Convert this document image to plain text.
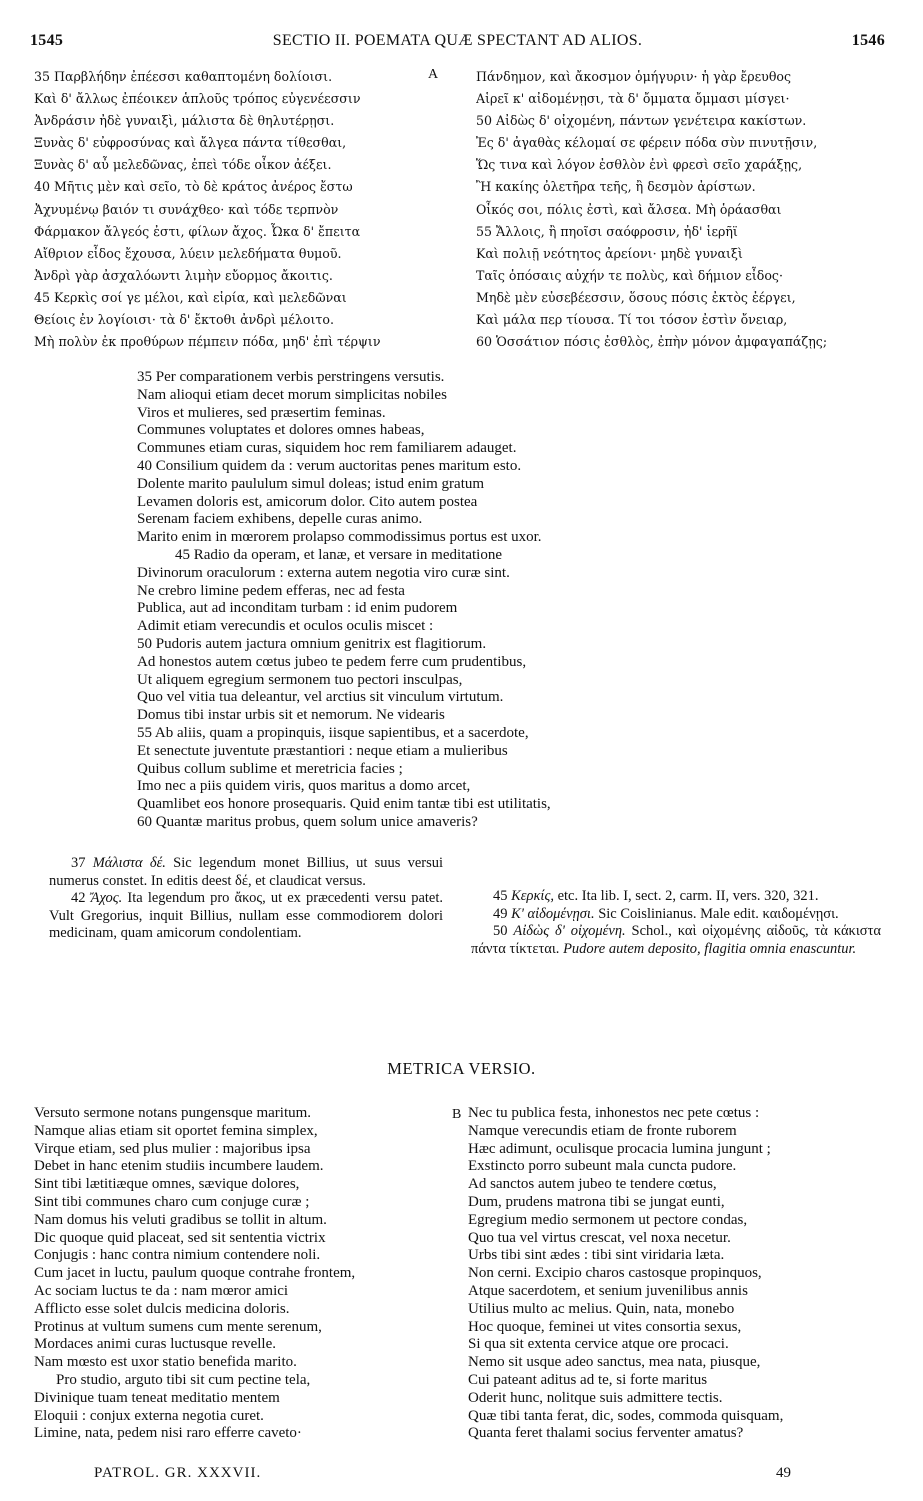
1545	SECTIO II. POEMATA QUÆ SPECTANT AD ALIOS.	1546
35 Παρβλήδην ἐπέεσσι καθαπτομένη δολίοισι.
Καὶ δ' ἄλλως ἐπέοικεν ἁπλοῦς τρόπος εὐγενέεσσιν
Ἀνδράσιν ἠδὲ γυναιξὶ, μάλιστα δὲ θηλυτέρῃσι.
Ξυνὰς δ' εὐφροσύνας καὶ ἄλγεα πάντα τίθεσθαι,
Ξυνὰς δ' αὖ μελεδῶνας, ἐπεὶ τόδε οἶκον ἀέξει.
40 Μῆτις μὲν καὶ σεῖο, τὸ δὲ κράτος ἀνέρος ἔστω
Ἀχνυμένῳ βαιόν τι συνάχθεο· καὶ τόδε τερπνὸν
Φάρμακον ἄλγεός ἐστι, φίλων ἄχος. Ὦκα δ' ἔπειτα
Αἴθριον εἶδος ἔχουσα, λύειν μελεδήματα θυμοῦ.
Ἀνδρὶ γὰρ ἀσχαλόωντι λιμὴν εὔορμος ἄκοιτις.
45 Κερκὶς σοί γε μέλοι, καὶ εἰρία, καὶ μελεδῶναι
Θείοις ἐν λογίοισι· τὰ δ' ἔκτοθι ἀνδρὶ μέλοιτο.
Μὴ πολὺν ἐκ προθύρων πέμπειν πόδα, μηδ' ἐπὶ τέρψιν
A	Πάνδημον, καὶ ἄκοσμον ὁμήγυριν· ἡ γὰρ ἔρευθος
Αἱρεῖ κ' αἰδομένῃσι, τὰ δ' ὄμματα ὄμμασι μίσγει·
50 Αἰδὼς δ' οἰχομένη, πάντων γενέτειρα κακίστων.
Ἐς δ' ἀγαθὰς κέλομαί σε φέρειν πόδα σὺν πινυτῇσιν,
Ὥς τινα καὶ λόγον ἐσθλὸν ἐνὶ φρεσὶ σεῖο χαράξῃς,
Ἢ κακίης ὀλετῆρα τεῆς, ἢ δεσμὸν ἀρίστων.
Οἶκός σοι, πόλις ἐστὶ, καὶ ἄλσεα. Μὴ ὁράασθαι
55 Ἄλλοις, ἢ πηοῖσι σαόφροσιν, ἠδ' ἱερῆϊ
Καὶ πολιῇ νεότητος ἀρείονι· μηδὲ γυναιξὶ
Ταῖς ὁπόσαις αὐχήν τε πολὺς, καὶ δήμιον εἶδος·
Μηδὲ μὲν εὐσεβέεσσιν, ὅσους πόσις ἐκτὸς ἐέργει,
Καὶ μάλα περ τίουσα. Τί τοι τόσον ἐστὶν ὄνειαρ,
60 Ὁσσάτιον πόσις ἐσθλὸς, ἐπὴν μόνον ἀμφαγαπάζῃς;
35 Per comparationem verbis perstringens versutis.
Nam alioqui etiam decet morum simplicitas nobiles
Viros et mulieres, sed præsertim feminas.
Communes voluptates et dolores omnes habeas,
Communes etiam curas, siquidem hoc rem familiarem adauget.
40 Consilium quidem da : verum auctoritas penes maritum esto.
Dolente marito paululum simul doleas; istud enim gratum
Levamen doloris est, amicorum dolor. Cito autem postea
Serenam faciem exhibens, depelle curas animo.
Marito enim in mœrorem prolapso commodissimus portus est uxor.
45 Radio da operam, et lanæ, et versare in meditatione
Divinorum oraculorum : externa autem negotia viro curæ sint.
Ne crebro limine pedem efferas, nec ad festa
Publica, aut ad inconditam turbam : id enim pudorem
Adimit etiam verecundis et oculos oculis miscet :
50 Pudoris autem jactura omnium genitrix est flagitiorum.
Ad honestos autem cœtus jubeo te pedem ferre cum prudentibus,
Ut aliquem egregium sermonem tuo pectori insculpas,
Quo vel vitia tua deleantur, vel arctius sit vinculum virtutum.
Domus tibi instar urbis sit et nemorum. Ne videaris
55 Ab aliis, quam a propinquis, iisque sapientibus, et a sacerdote,
Et senectute juventute præstantiori : neque etiam a mulieribus
Quibus collum sublime et meretricia facies ;
Imo nec a piis quidem viris, quos maritus a domo arcet,
Quamlibet eos honore prosequaris. Quid enim tantæ tibi est utilitatis,
60 Quantæ maritus probus, quem solum unice amaveris?

37 Μάλιστα δέ. Sic legendum monet Billius, ut suus versui numerus constet. In editis deest δέ, et claudicat versus.

42 Ἄχος. Ita legendum pro ἄκος, ut ex præcedenti versu patet. Vult Gregorius, inquit Billius, nullam esse commodiorem dolori medicinam, quam amicorum condolentiam.

45 Κερκίς, etc. Ita lib. I, sect. 2, carm. II, vers. 320, 321.

49 Κ' αἰδομένῃσι. Sic Coislinianus. Male edit. καιδομένῃσι.

50 Αἰδὼς δ' οἰχομένη. Schol., καὶ οἰχομένης αἰδοῦς, τὰ κάκιστα πάντα τίκτεται. Pudore autem deposito, flagitia omnia enascuntur.

METRICA VERSIO.
Versuto sermone notans pungensque maritum.
Namque alias etiam sit oportet femina simplex,
Virque etiam, sed plus mulier : majoribus ipsa
Debet in hanc etenim studiis incumbere laudem.
Sint tibi lætitiæque omnes, sævique dolores,
Sint tibi communes charo cum conjuge curæ ;
Nam domus his veluti gradibus se tollit in altum.
Dic quoque quid placeat, sed sit sententia victrix
Conjugis : hanc contra nimium contendere noli.
Cum jacet in luctu, paulum quoque contrahe frontem,
Ac sociam luctus te da : nam mœror amici
Afflicto esse solet dulcis medicina doloris.
Protinus at vultum sumens cum mente serenum,
Mordaces animi curas luctusque revelle.
Nam mœsto est uxor statio benefida marito.
Pro studio, arguto tibi sit cum pectine tela,
Divinique tuam teneat meditatio mentem
Eloquii : conjux externa negotia curet.
Limine, nata, pedem nisi raro efferre caveto·
B Nec tu publica festa, inhonestos nec pete cœtus :
Namque verecundis etiam de fronte ruborem
Hæc adimunt, oculisque procacia lumina jungunt ;
Exstincto porro subeunt mala cuncta pudore.
Ad sanctos autem jubeo te tendere cœtus,
Dum, prudens matrona tibi se jungat eunti,
Egregium medio sermonem ut pectore condas,
Quo tua vel virtus crescat, vel noxa necetur.
Urbs tibi sint ædes : tibi sint viridaria læta.
Non cerni. Excipio charos castosque propinquos,
Atque sacerdotem, et senium juvenilibus annis
Utilius multo ac melius. Quin, nata, monebo
Hoc quoque, feminei ut vites consortia sexus,
Si qua sit extenta cervice atque ore procaci.
Nemo sit usque adeo sanctus, mea nata, piusque,
Cui pateant aditus ad te, si forte maritus
Oderit hunc, nolitque suis admittere tectis.
Quæ tibi tanta ferat, dic, sodes, commoda quisquam,
Quanta feret thalami socius ferventer amatus?
PATROL. GR. XXXVII.	49
